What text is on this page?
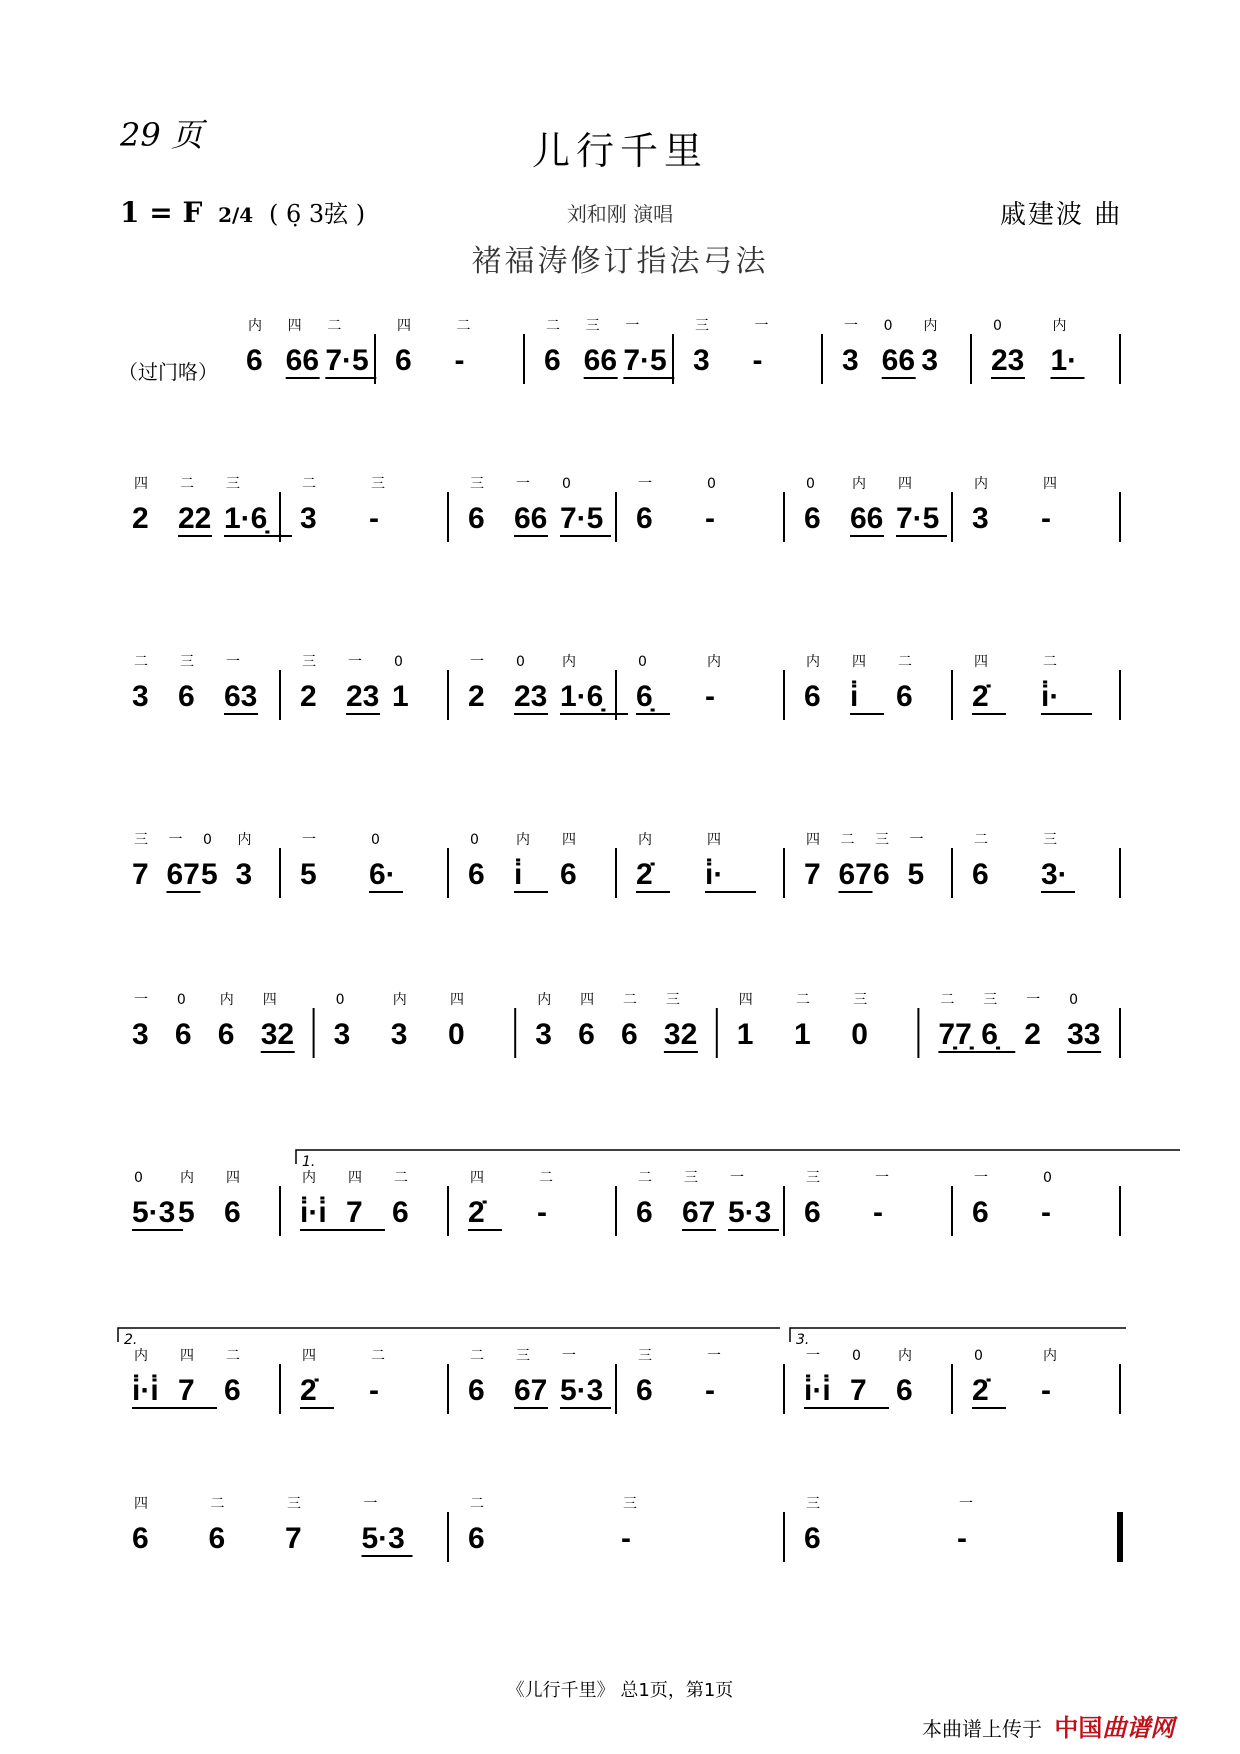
29 页	儿行千里
1 = F 2/4 ( 6̣ 3弦 )	刘和刚 演唱	戚建波 曲
褚福涛修订指法弓法
（过门咯） 6
内
66
四
7·5
二
6
四
-
二
6
二
66
三
7·5
一
3
三
-
一
3
一
66
0
3
内
23
0
1·
内
2
四
22
二
1·6̣
三
3
二
-
三
6
三
66
一
7·5
0
6
一
-
0
6
0
66
内
7·5
四
3
内
-
四
3
二
6
三
63
一
2
三
23
一
1
0
2
一
23
0
1·6̣
内
6̣
0
-
内
6
内
i̇
四
6
二
2̇
四
i̇·
二
7
三
67
一
5
0
3
内
5
一
6·
0
6
0
i̇
内
6
四
2̇
内
i̇·
四
7
四
67
二
6
三
5
一
6
二
3·
三
3
一
6
0
6
内
32
四
3
0
3
内
0
四
3
内
6
四
6
二
32
三
1
四
1
二
0
三
7̣7̣
二
6̣
三
2
一
33
0
5·3
0
5
内
6
四
i̇·i̇
内
7
四
6
二
2̇
四
-
二
6
二
67
三
5·3
一
6
三
-
一
6
一
-
0
i̇·i̇
内
7
四
6
二
2̇
四
-
二
6
二
67
三
5·3
一
6
三
-
一
i̇·i̇
一
7
0
6
内
2̇
0
-
内
6
四
6
二
7
三
5·3
一
6
二
-
三
6
三
-
一
1.
2.	3.
《儿行千里》 总1页，第1页
本曲谱上传于 中国曲谱网
